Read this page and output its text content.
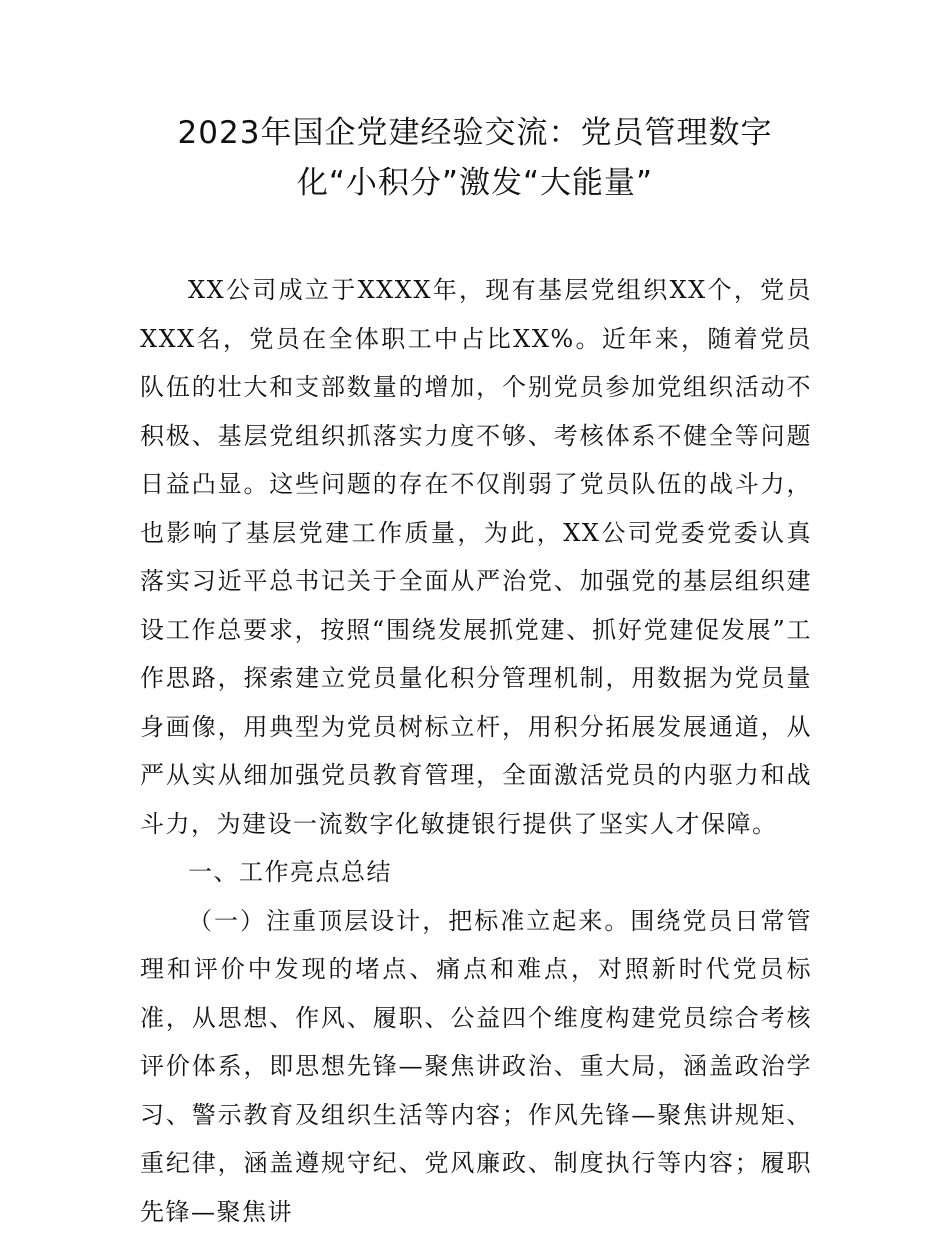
2023年国企党建经验交流：党员管理数字
化“小积分”激发“大能量”

XX公司成立于XXXX年，现有基层党组织XX个，党员XXX名，党员在全体职工中占比XX%。近年来，随着党员队伍的壮大和支部数量的增加，个别党员参加党组织活动不积极、基层党组织抓落实力度不够、考核体系不健全等问题日益凸显。这些问题的存在不仅削弱了党员队伍的战斗力，也影响了基层党建工作质量，为此，XX公司党委党委认真落实习近平总书记关于全面从严治党、加强党的基层组织建设工作总要求，按照“围绕发展抓党建、抓好党建促发展”工作思路，探索建立党员量化积分管理机制，用数据为党员量身画像，用典型为党员树标立杆，用积分拓展发展通道，从严从实从细加强党员教育管理，全面激活党员的内驱力和战斗力，为建设一流数字化敏捷银行提供了坚实人才保障。

一、工作亮点总结

（一）注重顶层设计，把标准立起来。围绕党员日常管理和评价中发现的堵点、痛点和难点，对照新时代党员标准，从思想、作风、履职、公益四个维度构建党员综合考核评价体系，即思想先锋—聚焦讲政治、重大局，涵盖政治学习、警示教育及组织生活等内容；作风先锋—聚焦讲规矩、重纪律，涵盖遵规守纪、党风廉政、制度执行等内容；履职先锋—聚焦讲
